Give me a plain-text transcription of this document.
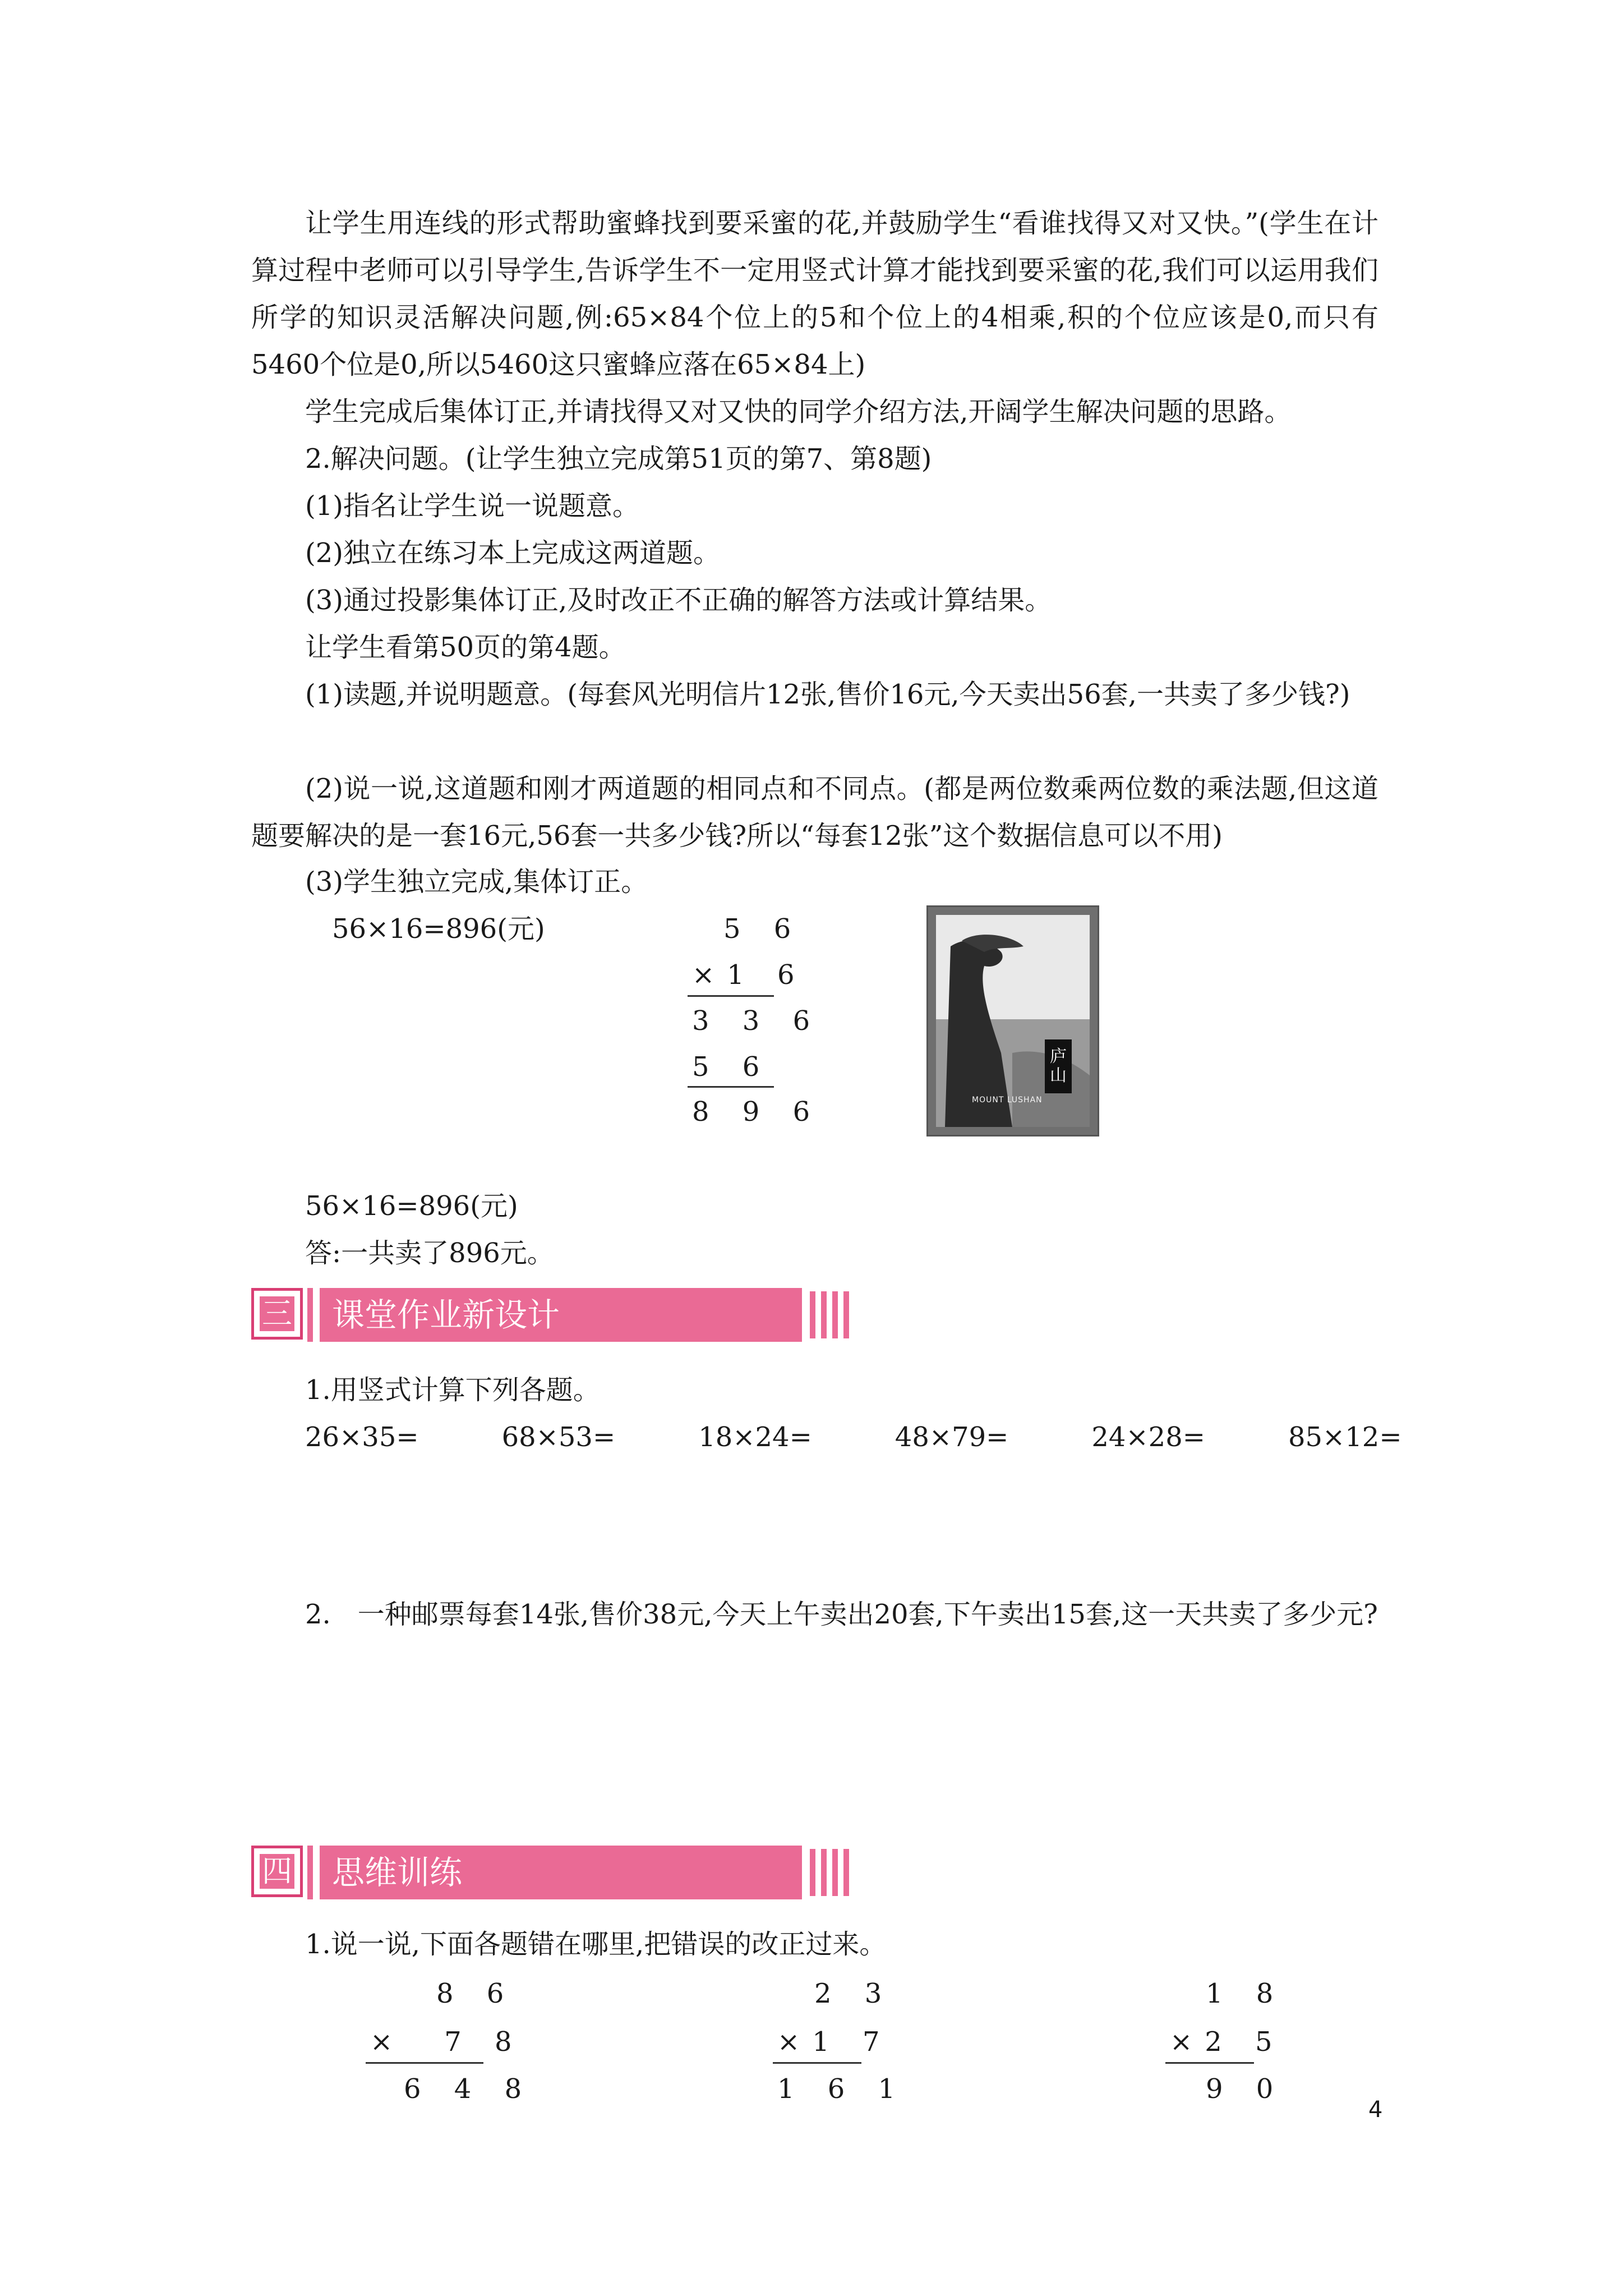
让学生用连线的形式帮助蜜蜂找到要采蜜的花,并鼓励学生“看谁找得又对又快。”(学生在计算过程中老师可以引导学生,告诉学生不一定用竖式计算才能找到要采蜜的花,我们可以运用我们所学的知识灵活解决问题,例:65×84个位上的5和个位上的4相乘,积的个位应该是0,而只有5460个位是0,所以5460这只蜜蜂应落在65×84上)
学生完成后集体订正,并请找得又对又快的同学介绍方法,开阔学生解决问题的思路。
2.解决问题。(让学生独立完成第51页的第7、第8题)
(1)指名让学生说一说题意。
(2)独立在练习本上完成这两道题。
(3)通过投影集体订正,及时改正不正确的解答方法或计算结果。
让学生看第50页的第4题。
(1)读题,并说明题意。(每套风光明信片12张,售价16元,今天卖出56套,一共卖了多少钱?)
(2)说一说,这道题和刚才两道题的相同点和不同点。(都是两位数乘两位数的乘法题,但这道题要解决的是一套16元,56套一共多少钱?所以“每套12张”这个数据信息可以不用)
(3)学生独立完成,集体订正。
56×16=896(元)	5 6
×1 6
3 3 6
5 6
8 9 6
庐山
MOUNT LUSHAN
56×16=896(元)
答:一共卖了896元。
三	课堂作业新设计
1.用竖式计算下列各题。
26×35=	68×53=	18×24=	48×79=	24×28=	85×12=
2.　一种邮票每套14张,售价38元,今天上午卖出20套,下午卖出15套,这一天共卖了多少元?
四	思维训练
1.说一说,下面各题错在哪里,把错误的改正过来。
8 6
×　7 8
6 4 8
2 3
×1 7
1 6 1
1 8
×2 5
9 0
4
